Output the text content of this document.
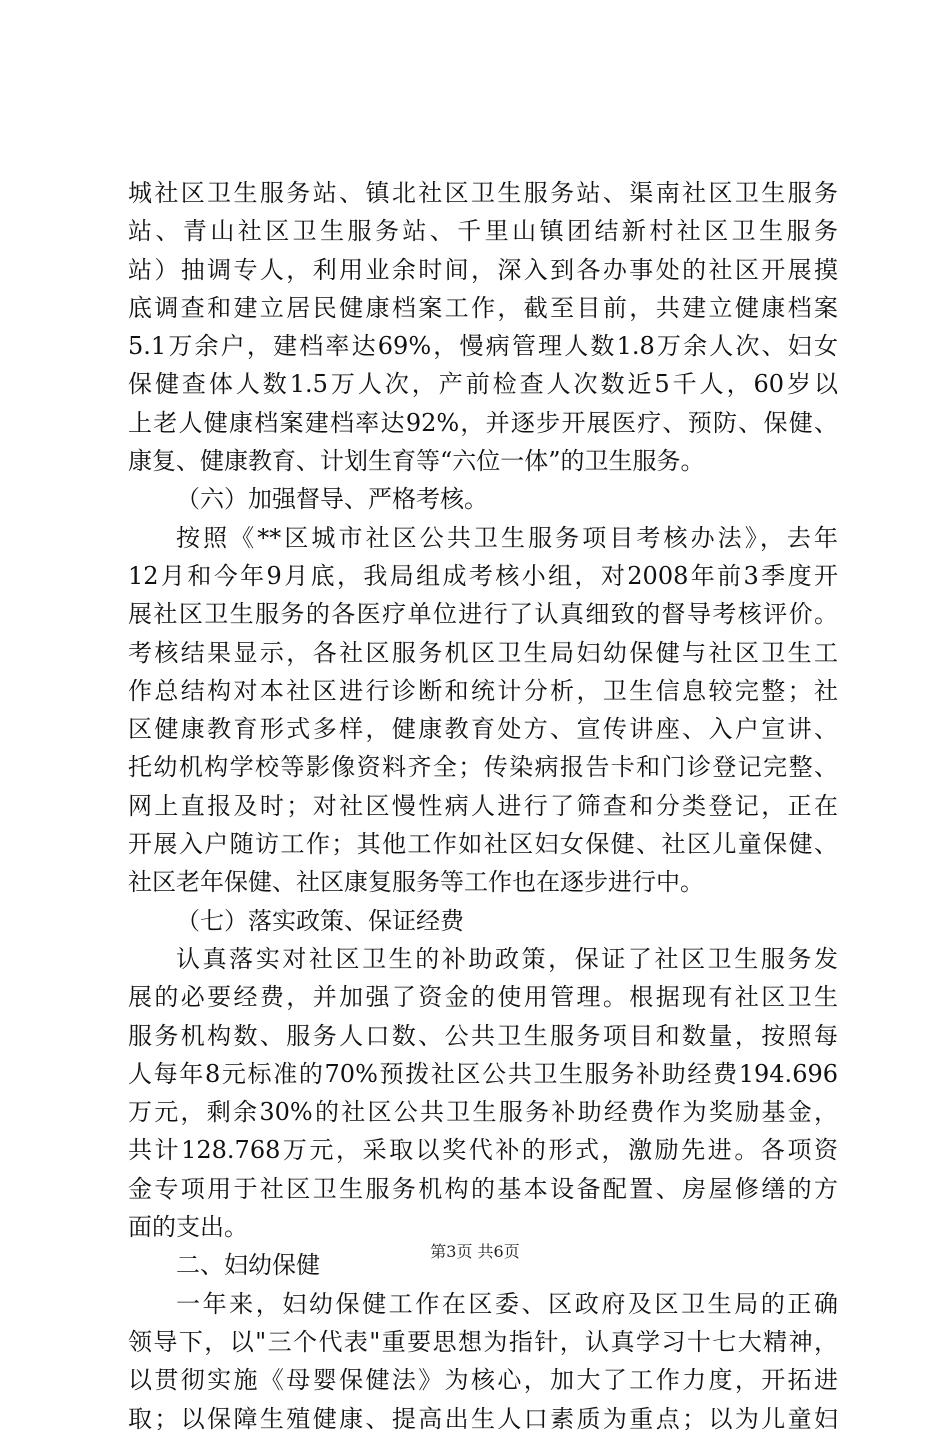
城社区卫生服务站、镇北社区卫生服务站、渠南社区卫生服务
站、青山社区卫生服务站、千里山镇团结新村社区卫生服务
站）抽调专人，利用业余时间，深入到各办事处的社区开展摸
底调查和建立居民健康档案工作，截至目前，共建立健康档案
5.1万余户，建档率达69%，慢病管理人数1.8万余人次、妇女
保健查体人数1.5万人次，产前检查人次数近5千人，60岁以
上老人健康档案建档率达92%，并逐步开展医疗、预防、保健、
康复、健康教育、计划生育等“六位一体”的卫生服务。
（六）加强督导、严格考核。
按照《**区城市社区公共卫生服务项目考核办法》，去年
12月和今年9月底，我局组成考核小组，对2008年前3季度开
展社区卫生服务的各医疗单位进行了认真细致的督导考核评价。
考核结果显示，各社区服务机区卫生局妇幼保健与社区卫生工
作总结构对本社区进行诊断和统计分析，卫生信息较完整；社
区健康教育形式多样，健康教育处方、宣传讲座、入户宣讲、
托幼机构学校等影像资料齐全；传染病报告卡和门诊登记完整、
网上直报及时；对社区慢性病人进行了筛查和分类登记，正在
开展入户随访工作；其他工作如社区妇女保健、社区儿童保健、
社区老年保健、社区康复服务等工作也在逐步进行中。
（七）落实政策、保证经费
认真落实对社区卫生的补助政策，保证了社区卫生服务发
展的必要经费，并加强了资金的使用管理。根据现有社区卫生
服务机构数、服务人口数、公共卫生服务项目和数量，按照每
人每年8元标准的70%预拨社区公共卫生服务补助经费194.696
万元，剩余30%的社区公共卫生服务补助经费作为奖励基金，
共计128.768万元，采取以奖代补的形式，激励先进。各项资
金专项用于社区卫生服务机构的基本设备配置、房屋修缮的方
面的支出。
二、妇幼保健
一年来，妇幼保健工作在区委、区政府及区卫生局的正确
领导下，以"三个代表"重要思想为指针，认真学习十七大精神，
以贯彻实施《母婴保健法》为核心，加大了工作力度，开拓进
取；以保障生殖健康、提高出生人口素质为重点；以为儿童妇
第3页 共6页
